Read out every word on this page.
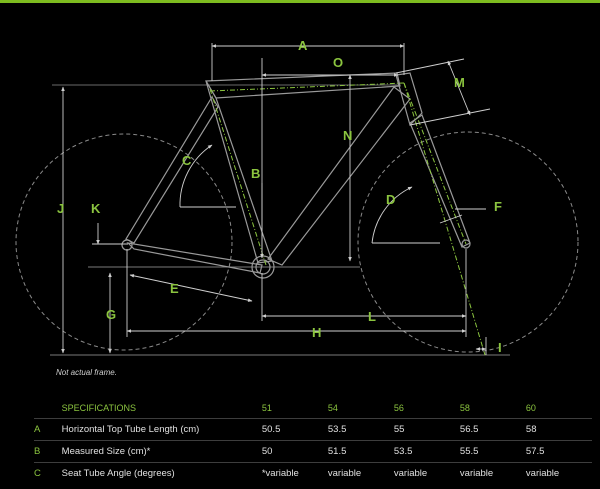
A
O
M
N
C
B
D	F
J K
E
G	L
H
I
Not actual frame.
	SPECIFICATIONS	51	54	56	58	60
A	Horizontal Top Tube Length (cm)	50.5	53.5	55	56.5	58
B	Measured Size (cm)*	50	51.5	53.5	55.5	57.5
C	Seat Tube Angle (degrees)	*variable	variable	variable	variable	variable
